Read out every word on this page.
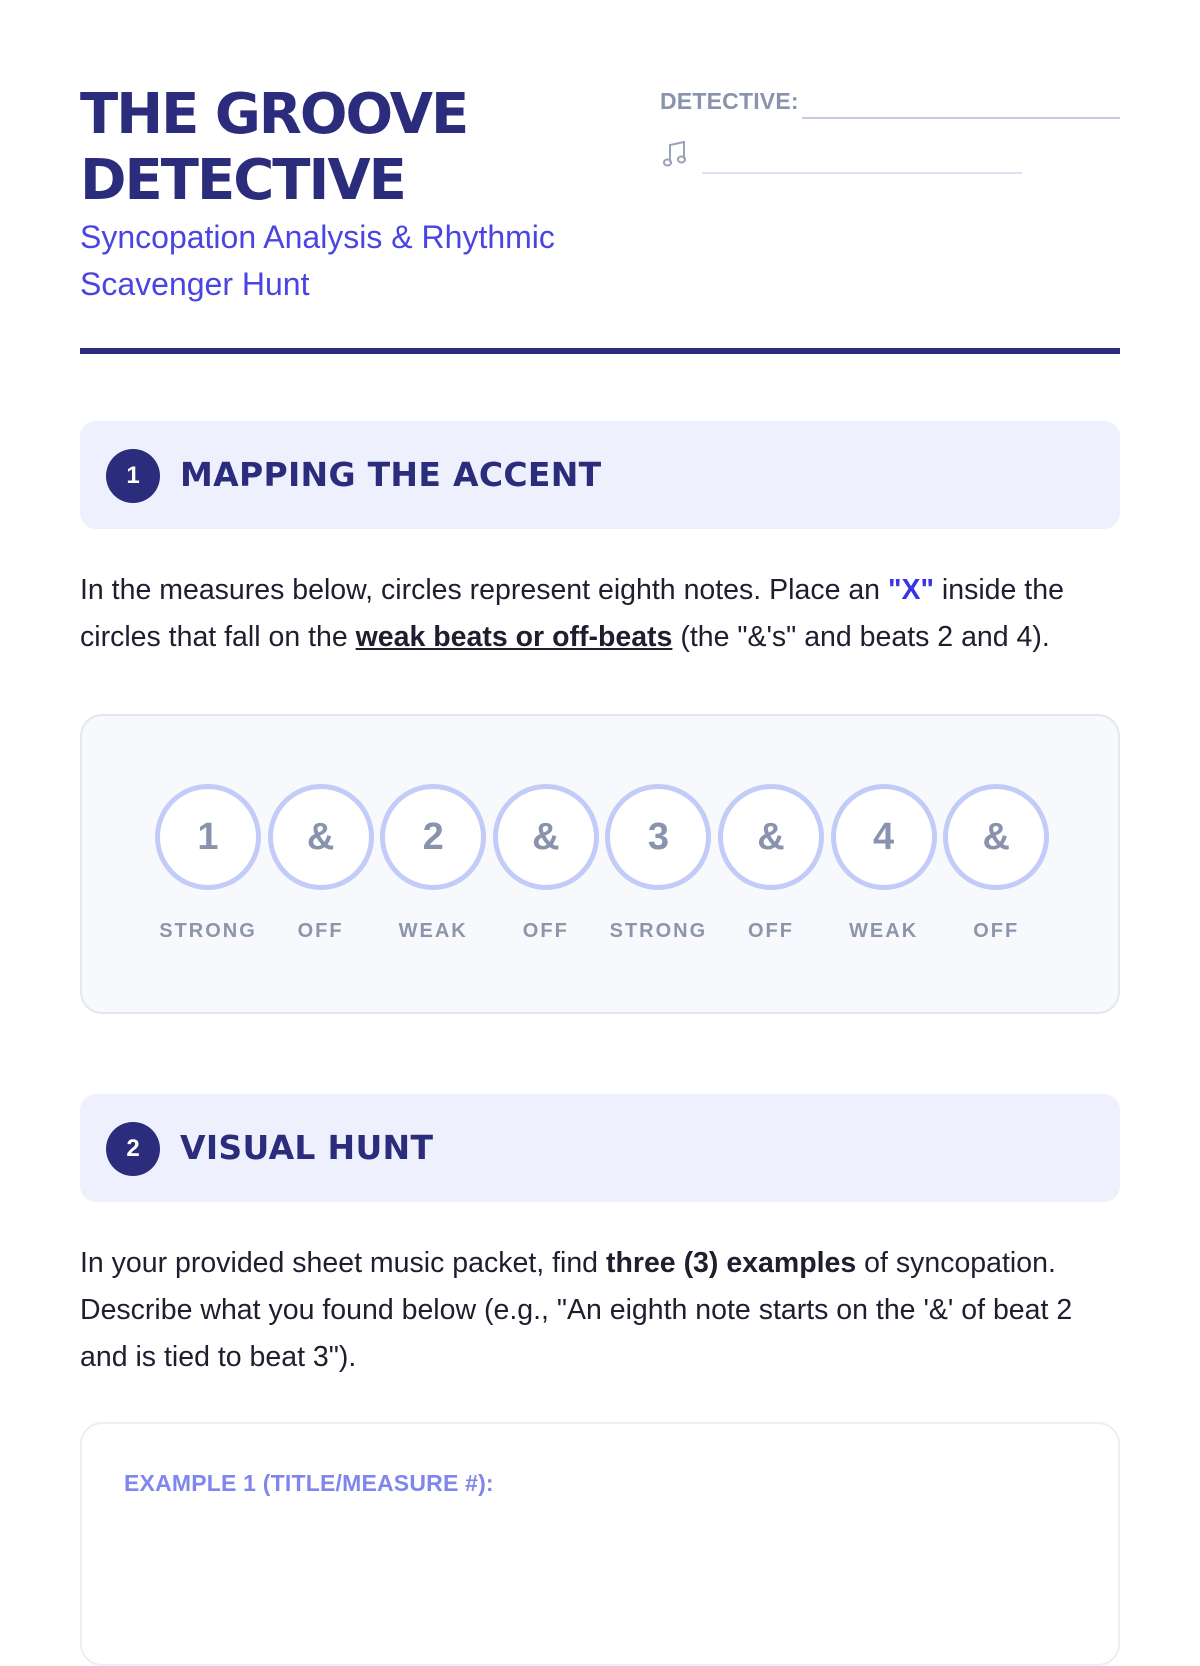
THE GROOVE
DETECTIVE

Syncopation Analysis & Rhythmic
Scavenger Hunt

DETECTIVE:
1	MAPPING THE ACCENT

In the measures below, circles represent eighth notes. Place an "X" inside the circles that fall on the weak beats or off-beats (the "&'s" and beats 2 and 4).

1
STRONG
&
OFF
2
WEAK
&
OFF
3
STRONG
&
OFF
4
WEAK
&
OFF
2	VISUAL HUNT

In your provided sheet music packet, find three (3) examples of syncopation. Describe what you found below (e.g., "An eighth note starts on the '&' of beat 2 and is tied to beat 3").

EXAMPLE 1 (TITLE/MEASURE #):
